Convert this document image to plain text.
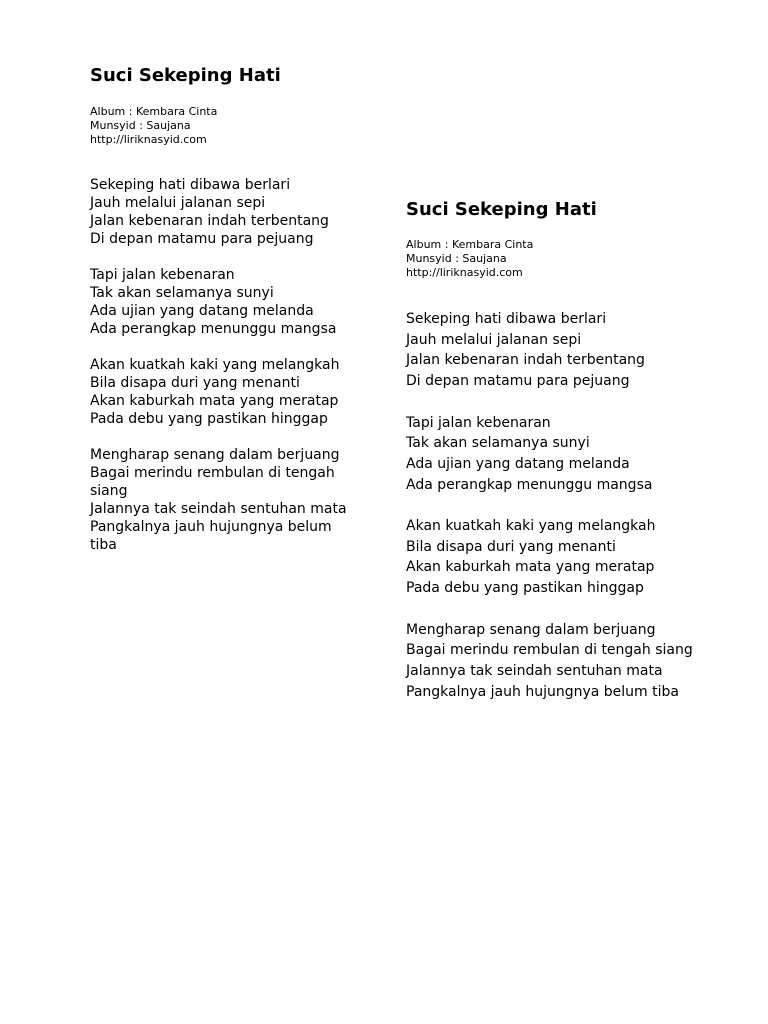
Suci Sekeping Hati
Album : Kembara Cinta
Munsyid : Saujana
http://liriknasyid.com

Sekeping hati dibawa berlari
Jauh melalui jalanan sepi
Jalan kebenaran indah terbentang
Di depan matamu para pejuang

Tapi jalan kebenaran
Tak akan selamanya sunyi
Ada ujian yang datang melanda
Ada perangkap menunggu mangsa

Akan kuatkah kaki yang melangkah
Bila disapa duri yang menanti
Akan kaburkah mata yang meratap
Pada debu yang pastikan hinggap

Mengharap senang dalam berjuang
Bagai merindu rembulan di tengah siang
Jalannya tak seindah sentuhan mata
Pangkalnya jauh hujungnya belum tiba

Suci Sekeping Hati
Album : Kembara Cinta
Munsyid : Saujana
http://liriknasyid.com

Sekeping hati dibawa berlari
Jauh melalui jalanan sepi
Jalan kebenaran indah terbentang
Di depan matamu para pejuang

Tapi jalan kebenaran
Tak akan selamanya sunyi
Ada ujian yang datang melanda
Ada perangkap menunggu mangsa

Akan kuatkah kaki yang melangkah
Bila disapa duri yang menanti
Akan kaburkah mata yang meratap
Pada debu yang pastikan hinggap

Mengharap senang dalam berjuang
Bagai merindu rembulan di tengah siang
Jalannya tak seindah sentuhan mata
Pangkalnya jauh hujungnya belum tiba
